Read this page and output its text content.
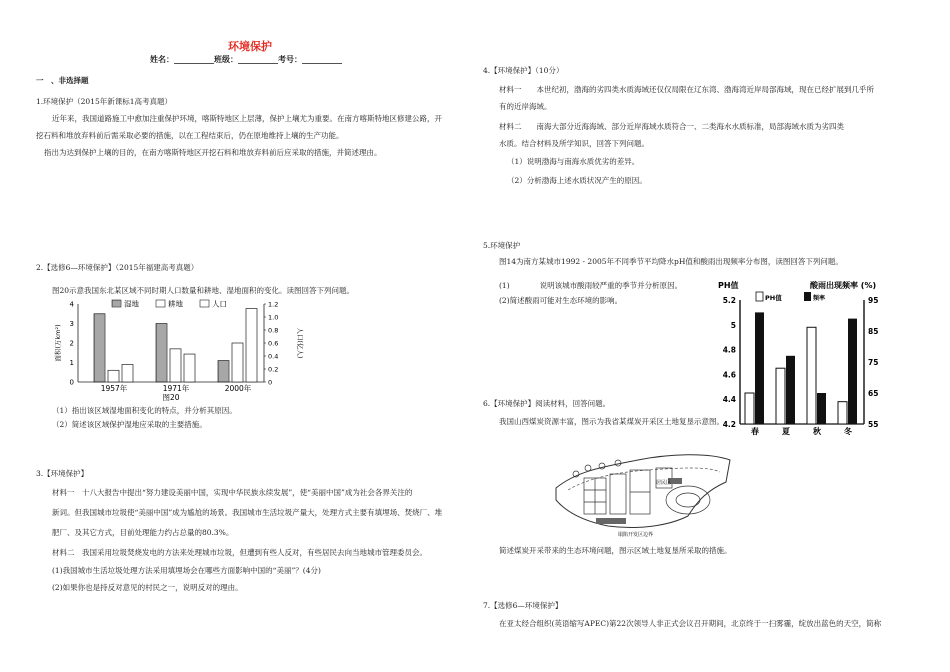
环境保护
姓名：__________班级：__________考号：__________
一　、非选择题
1.环境保护（2015年新课标1高考真题）
近年来，我国道路施工中愈加注重保护环境，喀斯特地区上层薄，保护上壤尤为重要。在南方喀斯特地区修建公路，开
挖石料和堆放弃料前后需采取必要的措施，以在工程结束后，仍在原地维持上壤的生产功能。
指出为达到保护上壤的目的，在南方喀斯特地区开挖石料和堆放弃料前后应采取的措施，并简述理由。
2.【选修6—环境保护】（2015年福建高考真题）
图20示意我国东北某区域不同时期人口数量和耕地、湿地面积的变化。读图回答下列问题。
0
1
2
3
4
0
0.2
0.4
0.6
0.8
1.0
1.2
面积(万km²)	人口(亿人)
1957年	1971年	2000年
图20
湿地	耕地	人口
（1）指出该区域湿地面积变化的特点，并分析其原因。
（2）简述该区域保护湿地应采取的主要措施。
3.【环境保护】
材料一　十八大报告中提出“努力建设美丽中国，实现中华民族永续发展”，使“美丽中国”成为社会各界关注的
新词。但我国城市垃圾使“美丽中国”成为尴尬的场景。我国城市生活垃圾产量大，处理方式主要有填埋场、焚烧厂、堆
肥厂、及其它方式，目前处理能力约占总量的80.3%。
材料二　我国采用垃圾焚烧发电的方法来处理城市垃圾，但遭到有些人反对，有些居民去向当地城市管理委员会。
(1)我国城市生活垃圾处理方法采用填埋场会在哪些方面影响中国的“美丽”？(4分)
(2)如果你也是持反对意见的村民之一，说明反对的理由。
4.【环境保护】（10分）
材料一　　本世纪初，渤海的劣四类水质海域还仅仅局限在辽东湾、渤海湾近岸局部海域，现在已经扩展到几乎所
有的近岸海域。
材料二　　南海大部分近海海域、部分近岸海域水质符合一、二类海水水质标准，局部海域水质为劣四类
水质。结合材料及所学知识，回答下列问题。
（1）说明渤海与南海水质优劣的差异。
（2）分析渤海上述水质状况产生的原因。
5.环境保护
图14为南方某城市1992 - 2005年不同季节平均降水pH值和酸雨出现频率分布图，读图回答下列问题。
(1)　　　　说明该城市酸雨较严重的季节并分析原因。
(2)简述酸雨可能对生态环境的影响。
PH值	酸雨出现频率 (%)
4.2
4.4
4.6
4.8
5
5.2
55
65
75
85
95
春	夏	秋	冬
PH值	频率
6.【环境保护】阅读材料，回答问题。
我国山西煤炭资源丰富，图示为我省某煤炭开采区土地复垦示意图。
居民区
塌陷开发区边界
简述煤炭开采带来的生态环境问题，图示区域土地复垦所采取的措施。
7.【选修6—环境保护】
在亚太经合组织(英语缩写APEC)第22次领导人非正式会议召开期间，北京终于一扫雾霾，绽放出蓝色的天空，简称
